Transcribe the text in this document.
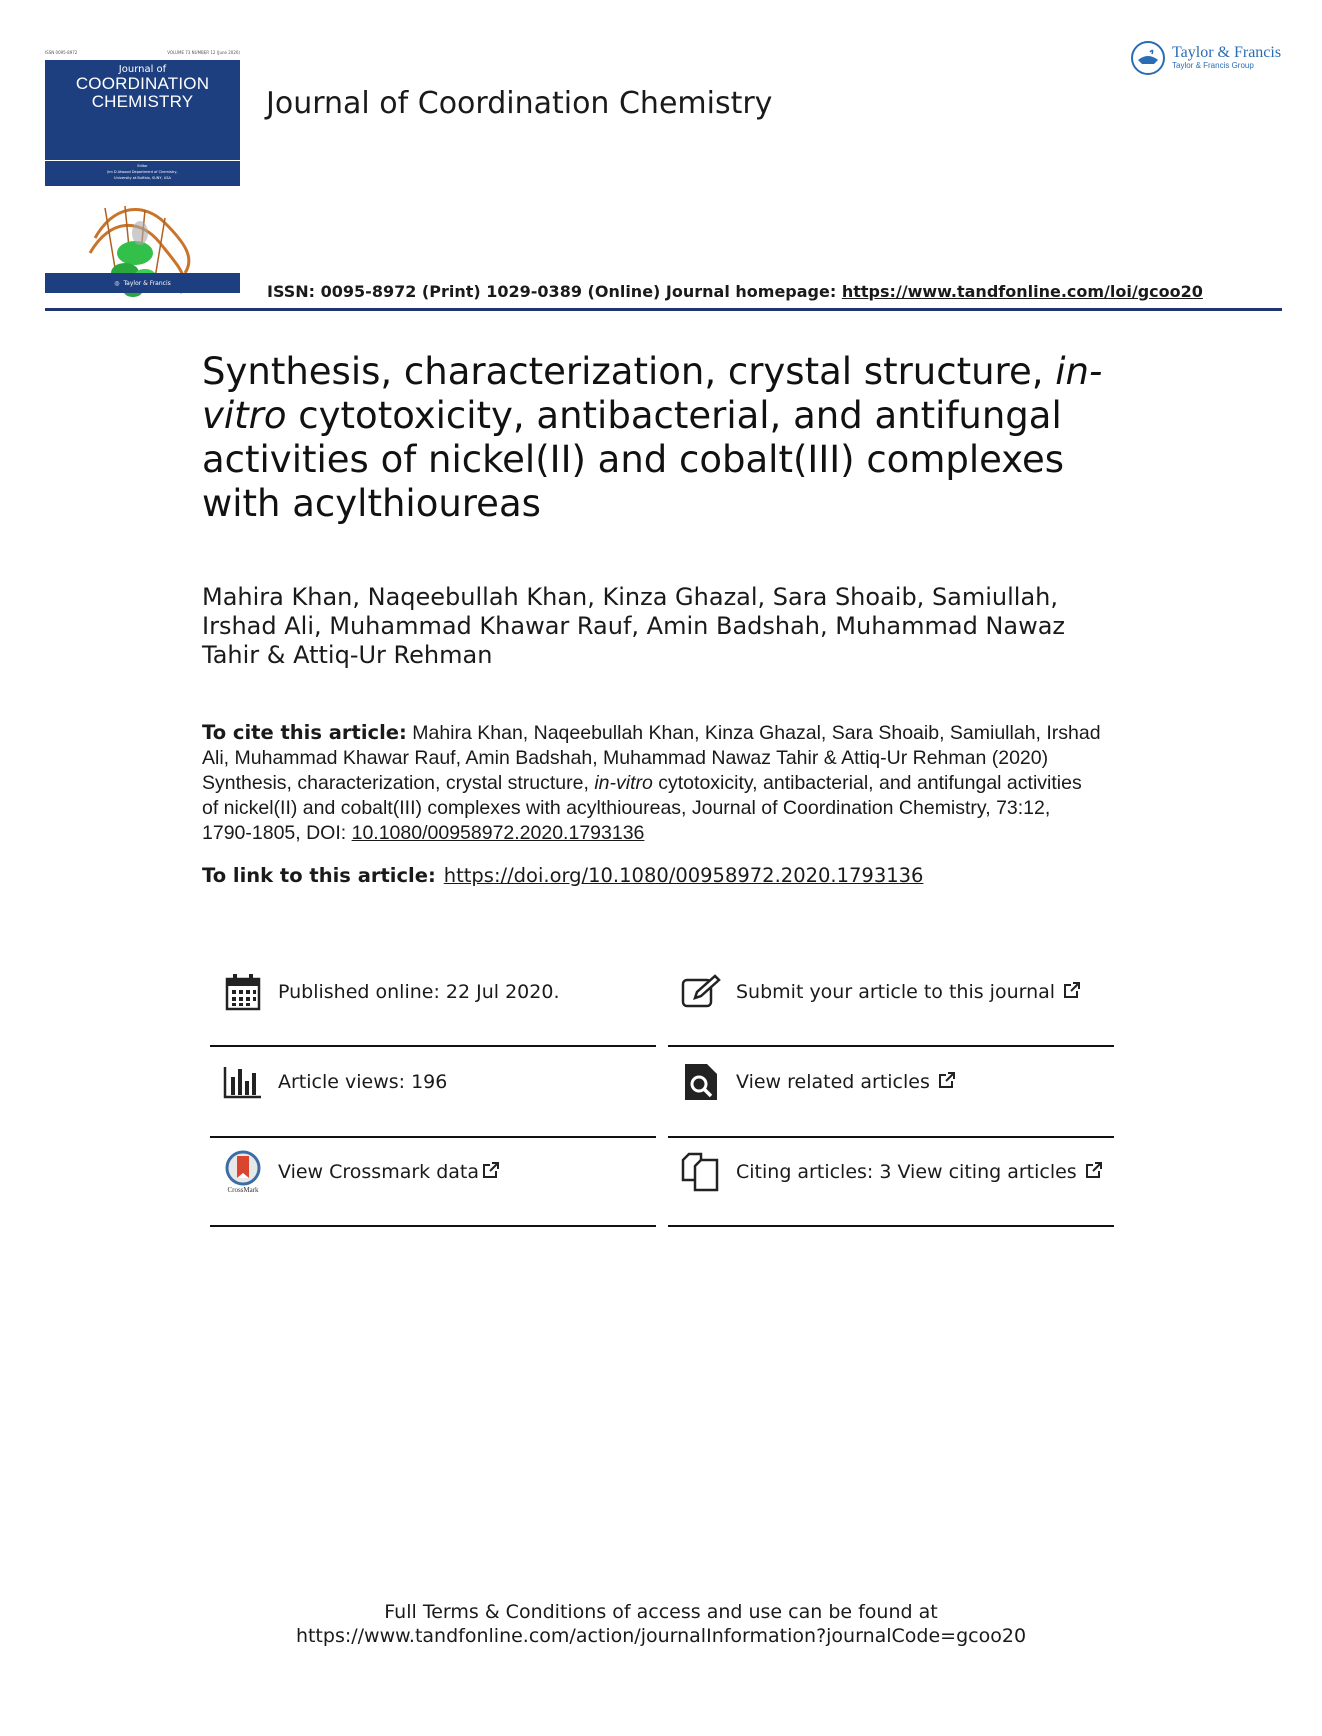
ISSN 0095-8972	VOLUME 73 NUMBER 12 (June 2020)
Journal of
COORDINATION
CHEMISTRY
Editor
Jim D Atwood Department of Chemistry,
University at Buffalo, SUNY, USA
◎ Taylor & Francis
Journal of Coordination Chemistry
Taylor & Francis
Taylor & Francis Group
ISSN: 0095-8972 (Print) 1029-0389 (Online) Journal homepage: https://www.tandfonline.com/loi/gcoo20
Synthesis, characterization, crystal structure, in-vitro cytotoxicity, antibacterial, and antifungal activities of nickel(II) and cobalt(III) complexes with acylthioureas
Mahira Khan, Naqeebullah Khan, Kinza Ghazal, Sara Shoaib, Samiullah, Irshad Ali, Muhammad Khawar Rauf, Amin Badshah, Muhammad Nawaz Tahir & Attiq-Ur Rehman
To cite this article: Mahira Khan, Naqeebullah Khan, Kinza Ghazal, Sara Shoaib, Samiullah, Irshad Ali, Muhammad Khawar Rauf, Amin Badshah, Muhammad Nawaz Tahir & Attiq-Ur Rehman (2020) Synthesis, characterization, crystal structure, in-vitro cytotoxicity, antibacterial, and antifungal activities of nickel(II) and cobalt(III) complexes with acylthioureas, Journal of Coordination Chemistry, 73:12, 1790-1805, DOI: 10.1080/00958972.2020.1793136
To link to this article: https://doi.org/10.1080/00958972.2020.1793136
Published online: 22 Jul 2020.	Submit your article to this journal
Article views: 196	View related articles
CrossMark
View Crossmark data	Citing articles: 3 View citing articles
Full Terms & Conditions of access and use can be found at
https://www.tandfonline.com/action/journalInformation?journalCode=gcoo20
